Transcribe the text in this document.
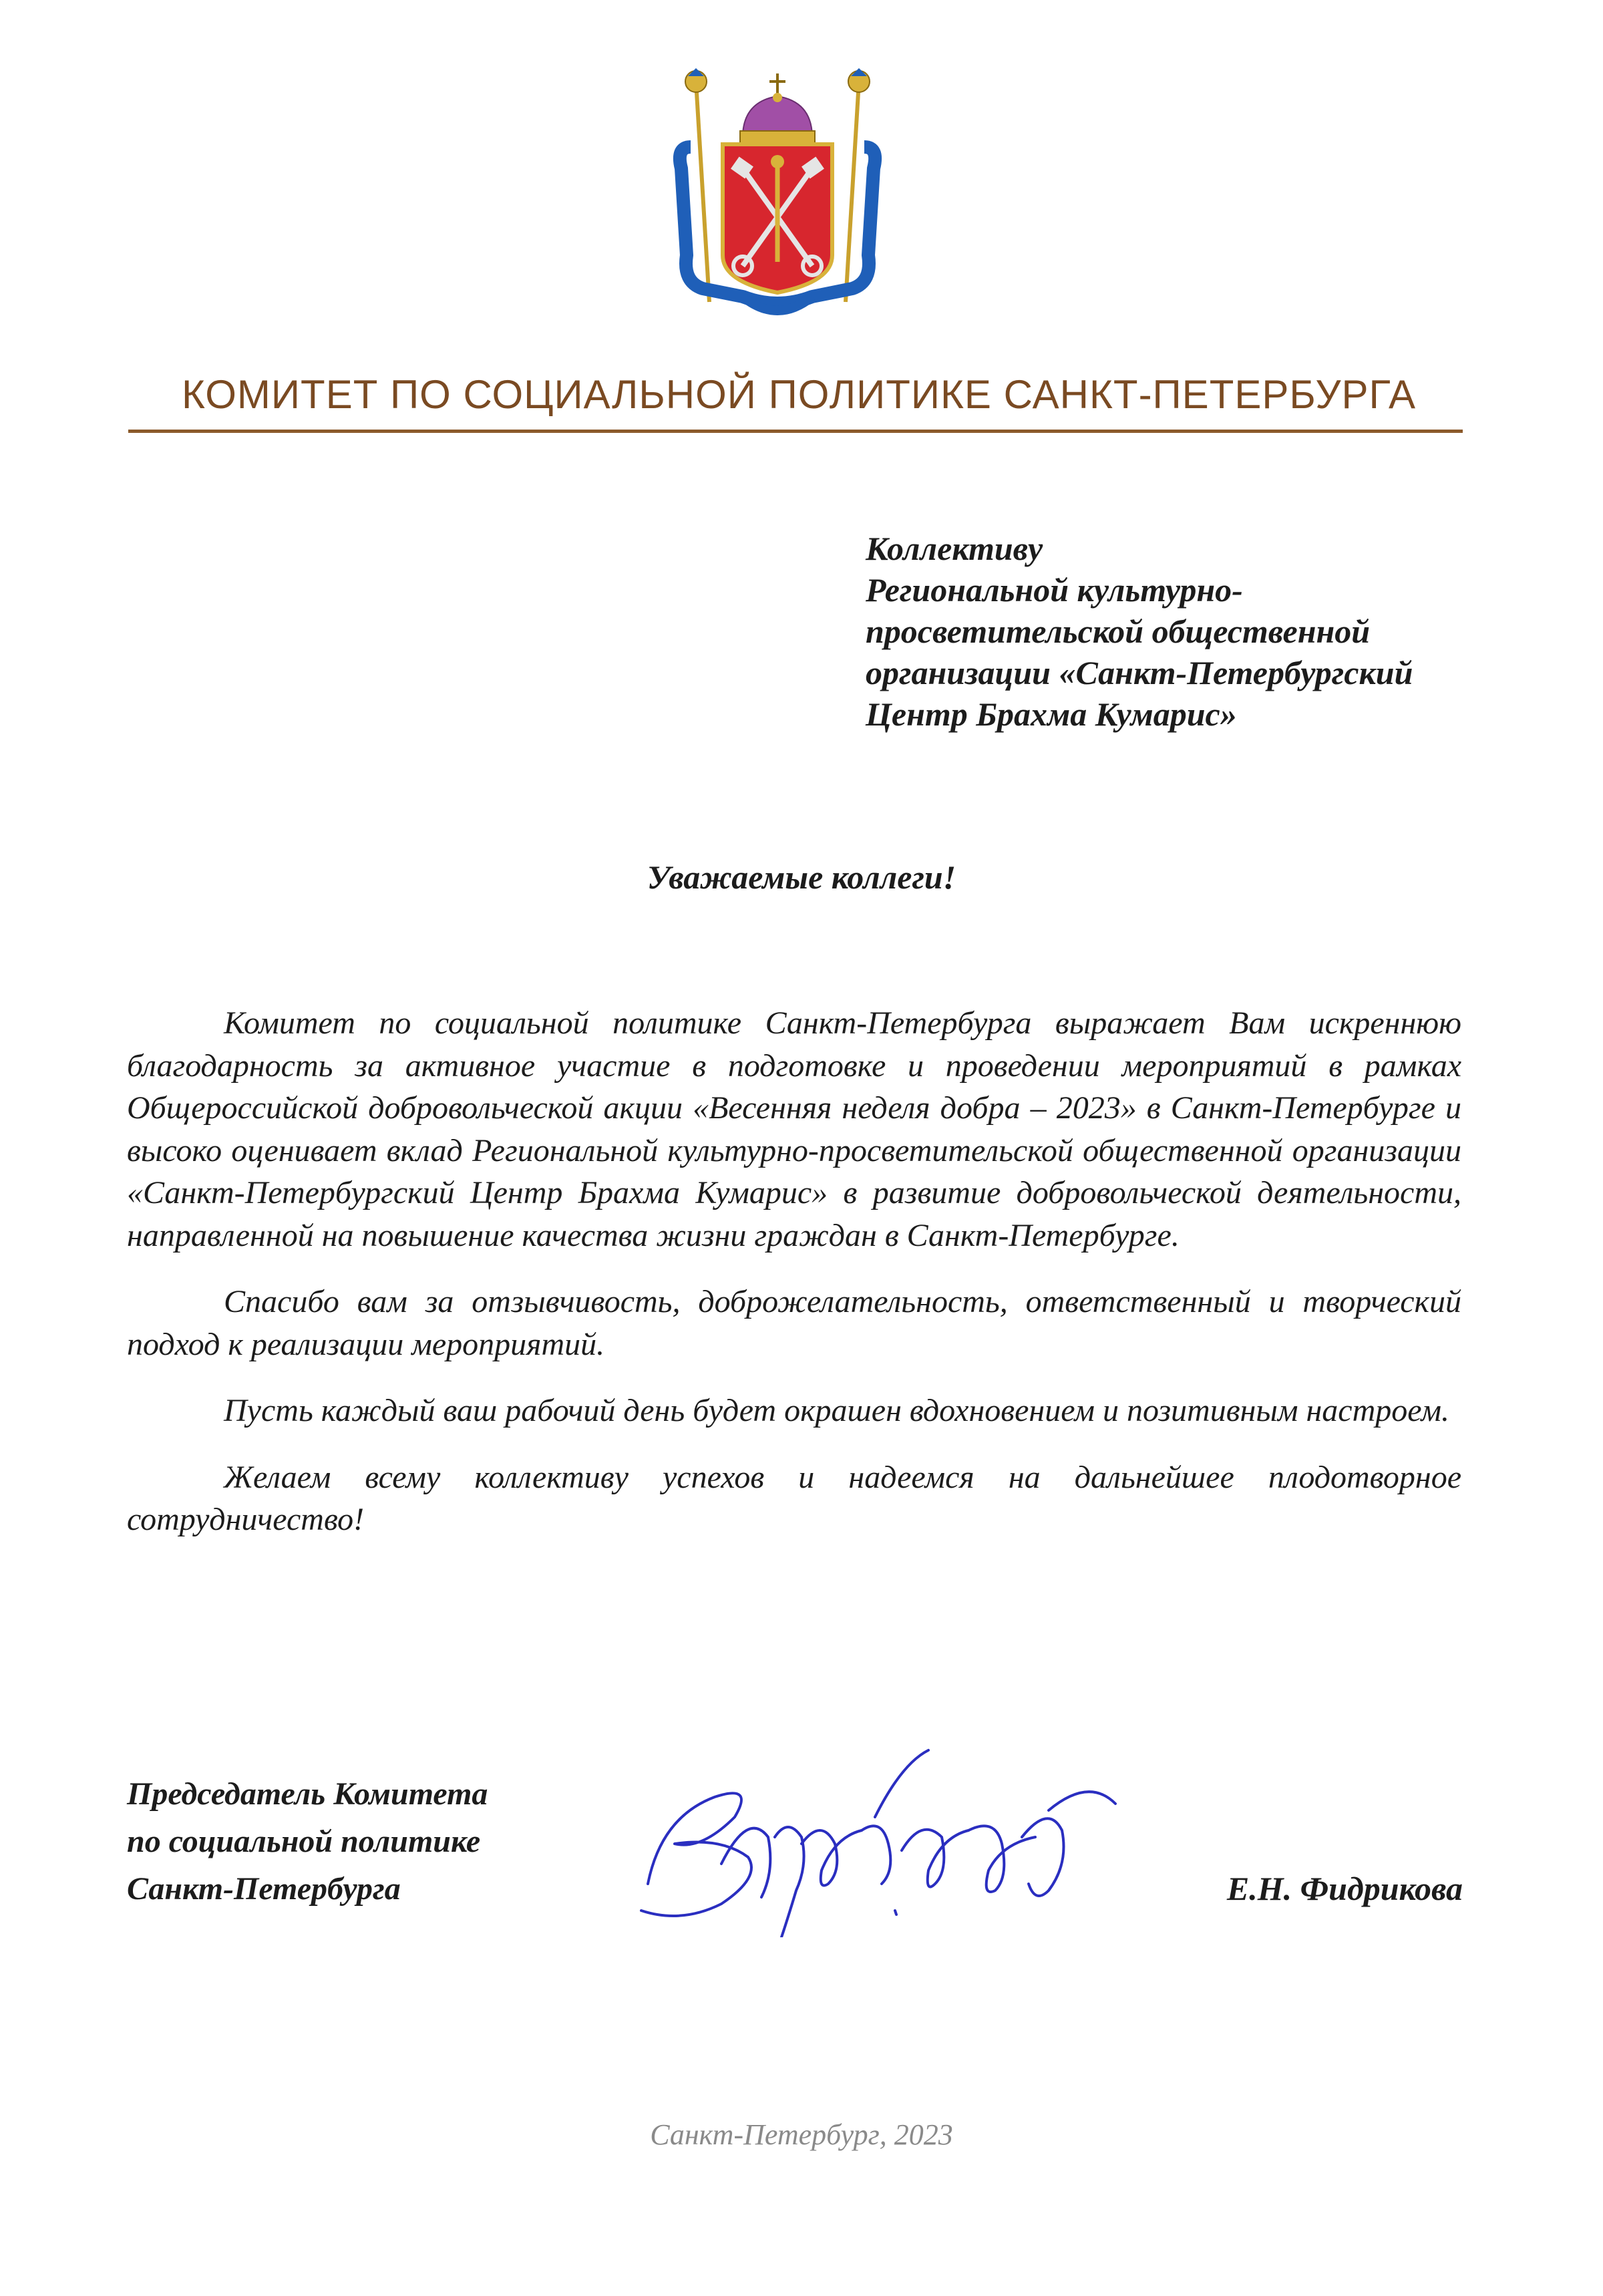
КОМИТЕТ ПО СОЦИАЛЬНОЙ ПОЛИТИКЕ САНКТ-ПЕТЕРБУРГА
Коллективу
Региональной культурно-
просветительской общественной
организации «Санкт-Петербургский
Центр Брахма Кумарис»
Уважаемые коллеги!

Комитет по социальной политике Санкт-Петербурга выражает Вам искреннюю благодарность за активное участие в подготовке и проведении мероприятий в рамках Общероссийской добровольческой акции «Весенняя неделя добра – 2023» в Санкт-Петербурге и высоко оценивает вклад Региональной культурно-просветительской общественной организации «Санкт-Петербургский Центр Брахма Кумарис» в развитие добровольческой деятельности, направленной на повышение качества жизни граждан в Санкт-Петербурге.

Спасибо вам за отзывчивость, доброжелательность, ответственный и творческий подход к реализации мероприятий.

Пусть каждый ваш рабочий день будет окрашен вдохновением и позитивным настроем.

Желаем всему коллективу успехов и надеемся на дальнейшее плодотворное сотрудничество!

Председатель Комитета
по социальной политике
Санкт-Петербурга	Е.Н. Фидрикова
Санкт-Петербург, 2023
